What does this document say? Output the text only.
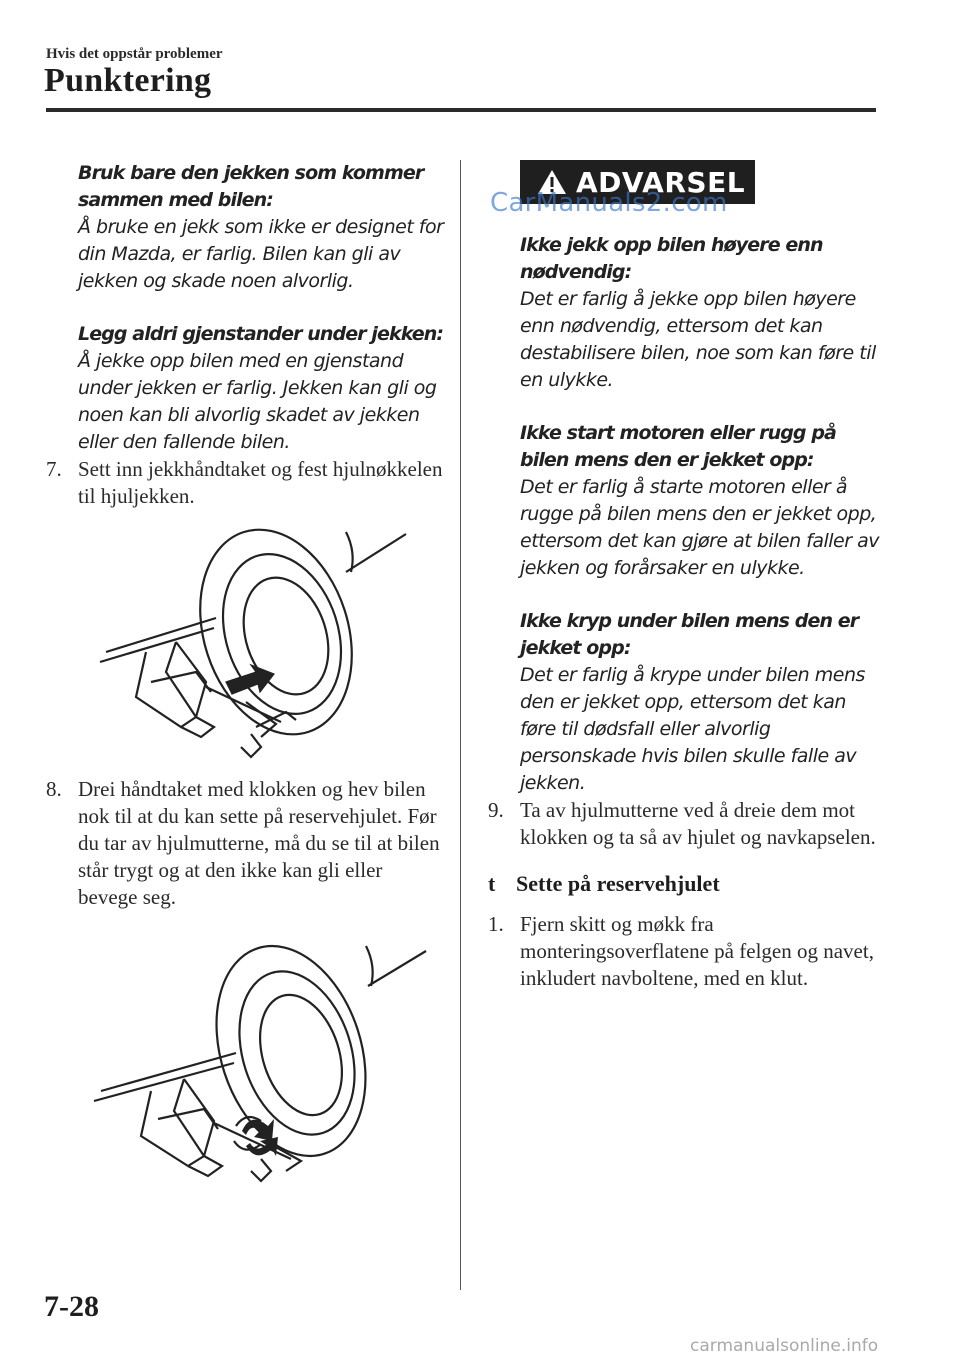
Hvis det oppstår problemer
Punktering
Bruk bare den jekken som kommer sammen med bilen:
Å bruke en jekk som ikke er designet for din Mazda, er farlig. Bilen kan gli av jekken og skade noen alvorlig.
Legg aldri gjenstander under jekken:
Å jekke opp bilen med en gjenstand under jekken er farlig. Jekken kan gli og noen kan bli alvorlig skadet av jekken eller den fallende bilen.
7. Sett inn jekkhåndtaket og fest hjulnøkkelen til hjuljekken.
8. Drei håndtaket med klokken og hev bilen nok til at du kan sette på reservehjulet. Før du tar av hjulmutterne, må du se til at bilen står trygt og at den ikke kan gli eller bevege seg.
ADVARSEL
Ikke jekk opp bilen høyere enn nødvendig:
Det er farlig å jekke opp bilen høyere enn nødvendig, ettersom det kan destabilisere bilen, noe som kan føre til en ulykke.
Ikke start motoren eller rugg på bilen mens den er jekket opp:
Det er farlig å starte motoren eller å rugge på bilen mens den er jekket opp, ettersom det kan gjøre at bilen faller av jekken og forårsaker en ulykke.
Ikke kryp under bilen mens den er jekket opp:
Det er farlig å krype under bilen mens den er jekket opp, ettersom det kan føre til dødsfall eller alvorlig personskade hvis bilen skulle falle av jekken.
9. Ta av hjulmutterne ved å dreie dem mot klokken og ta så av hjulet og navkapselen.
t Sette på reservehjulet
1. Fjern skitt og møkk fra monteringsoverflatene på felgen og navet, inkludert navboltene, med en klut.
CarManuals2.com
7-28
carmanualsonline.info
